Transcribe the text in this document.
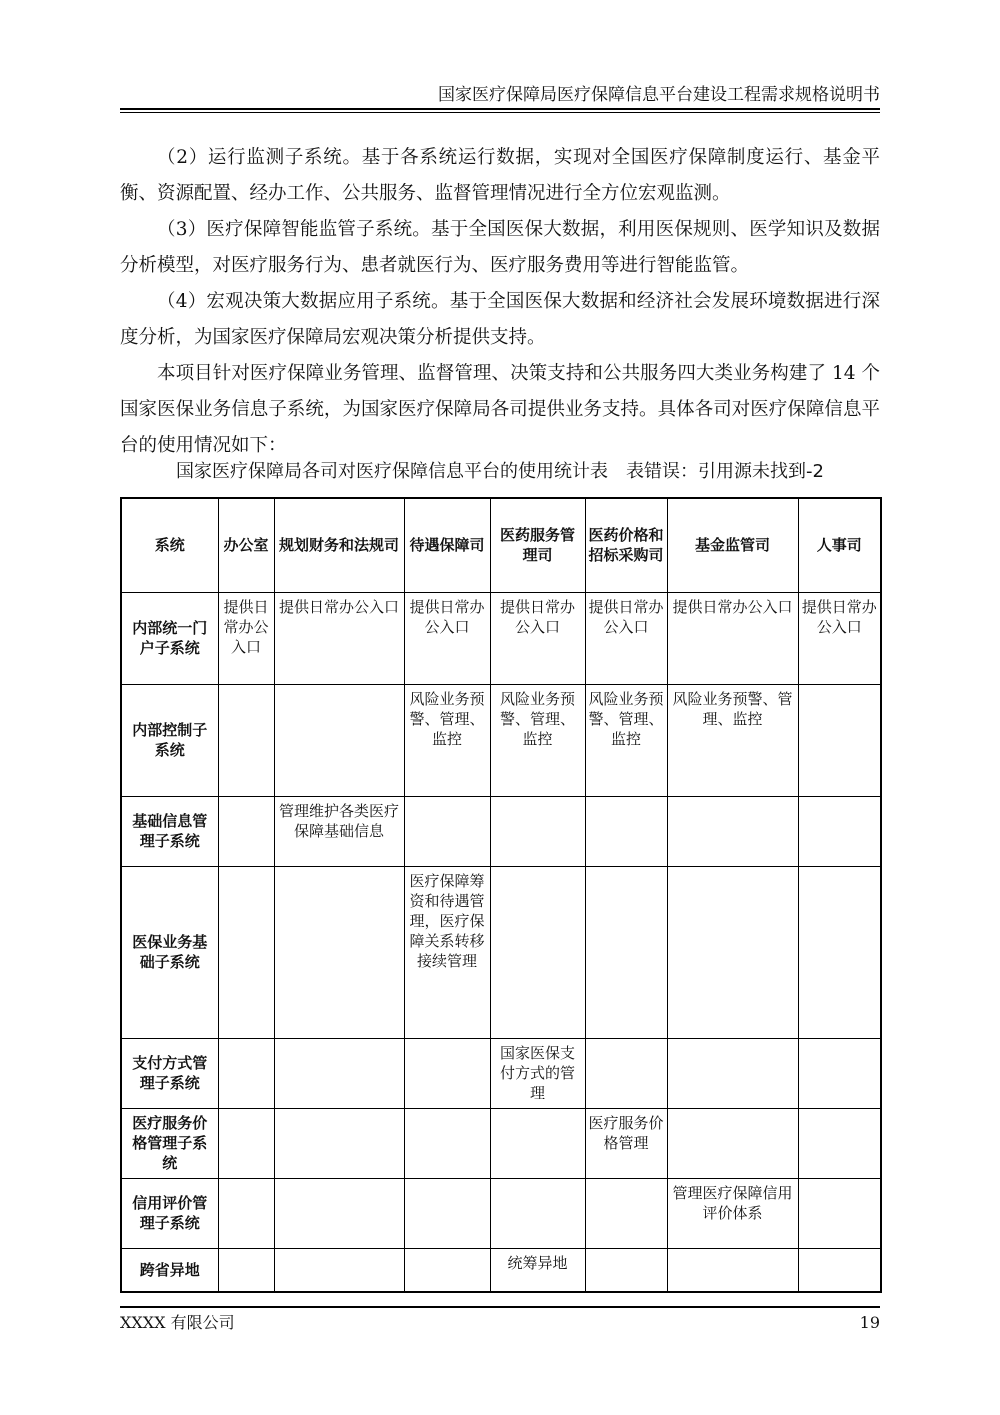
国家医疗保障局医疗保障信息平台建设工程需求规格说明书

（2）运行监测子系统。基于各系统运行数据，实现对全国医疗保障制度运行、基金平衡、资源配置、经办工作、公共服务、监督管理情况进行全方位宏观监测。

（3）医疗保障智能监管子系统。基于全国医保大数据，利用医保规则、医学知识及数据分析模型，对医疗服务行为、患者就医行为、医疗服务费用等进行智能监管。

（4）宏观决策大数据应用子系统。基于全国医保大数据和经济社会发展环境数据进行深度分析，为国家医疗保障局宏观决策分析提供支持。

本项目针对医疗保障业务管理、监督管理、决策支持和公共服务四大类业务构建了 14 个国家医保业务信息子系统，为国家医疗保障局各司提供业务支持。具体各司对医疗保障信息平台的使用情况如下：

国家医疗保障局各司对医疗保障信息平台的使用统计表　表错误：引用源未找到-2
系统	办公室	规划财务和法规司	待遇保障司	医药服务管理司	医药价格和招标采购司	基金监管司	人事司
内部统一门户子系统	提供日常办公入口	提供日常办公入口	提供日常办公入口	提供日常办公入口	提供日常办公入口	提供日常办公入口	提供日常办公入口
内部控制子系统			风险业务预警、管理、监控	风险业务预警、管理、监控	风险业务预警、管理、监控	风险业务预警、管理、监控	
基础信息管理子系统		管理维护各类医疗保障基础信息					
医保业务基础子系统			医疗保障筹资和待遇管理，医疗保障关系转移接续管理				
支付方式管理子系统				国家医保支付方式的管理			
医疗服务价格管理子系统					医疗服务价格管理		
信用评价管理子系统						管理医疗保障信用评价体系	
跨省异地				统筹异地			
XXXX 有限公司	19
